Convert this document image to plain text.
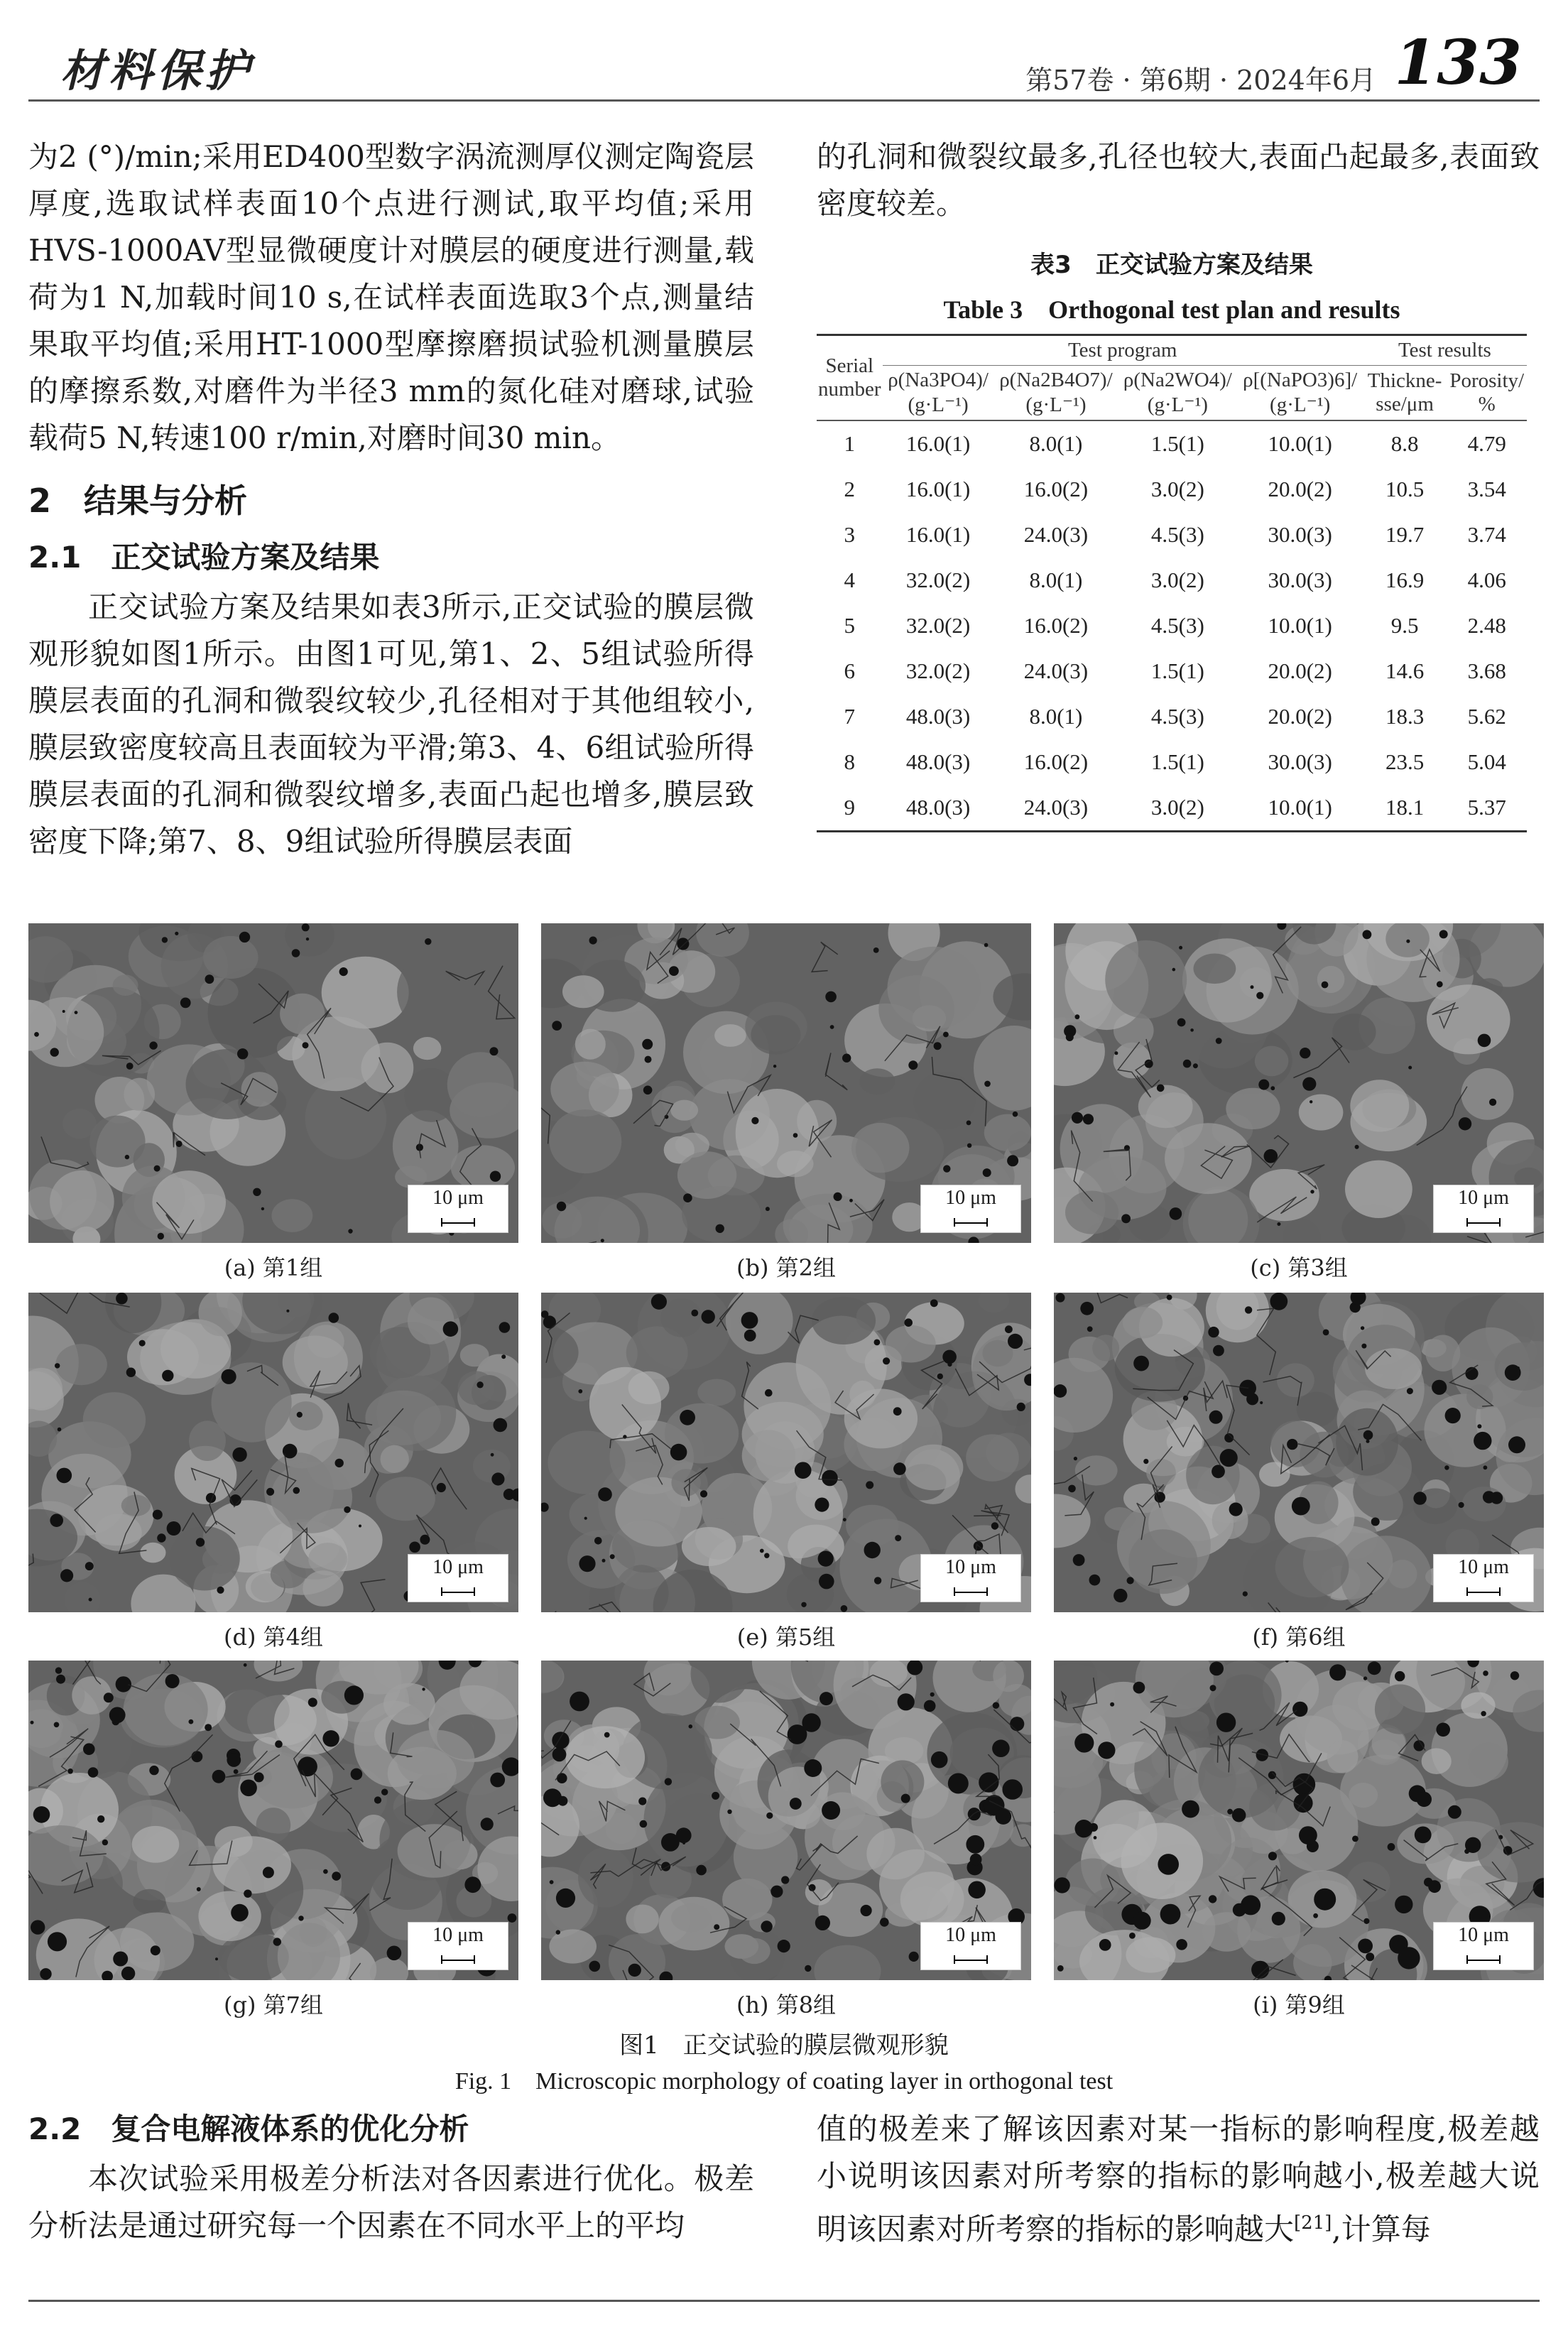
材料保护	第57卷 · 第6期 · 2024年6月 133

为2 (°)/min;采用ED400型数字涡流测厚仪测定陶瓷层厚度,选取试样表面10个点进行测试,取平均值;采用HVS-1000AV型显微硬度计对膜层的硬度进行测量,载荷为1 N,加载时间10 s,在试样表面选取3个点,测量结果取平均值;采用HT-1000型摩擦磨损试验机测量膜层的摩擦系数,对磨件为半径3 mm的氮化硅对磨球,试验载荷5 N,转速100 r/min,对磨时间30 min。

2　结果与分析
2.1　正交试验方案及结果

正交试验方案及结果如表3所示,正交试验的膜层微观形貌如图1所示。由图1可见,第1、2、5组试验所得膜层表面的孔洞和微裂纹较少,孔径相对于其他组较小,膜层致密度较高且表面较为平滑;第3、4、6组试验所得膜层表面的孔洞和微裂纹增多,表面凸起也增多,膜层致密度下降;第7、8、9组试验所得膜层表面

的孔洞和微裂纹最多,孔径也较大,表面凸起最多,表面致密度较差。

表3　正交试验方案及结果
Table 3　Orthogonal test plan and results
Serial number	Test program				Test results	
	ρ(Na3PO4)/ (g·L⁻¹)	ρ(Na2B4O7)/ (g·L⁻¹)	ρ(Na2WO4)/ (g·L⁻¹)	ρ[(NaPO3)6]/ (g·L⁻¹)	Thickne-sse/μm	Porosity/ %
1	16.0(1)	8.0(1)	1.5(1)	10.0(1)	8.8	4.79
2	16.0(1)	16.0(2)	3.0(2)	20.0(2)	10.5	3.54
3	16.0(1)	24.0(3)	4.5(3)	30.0(3)	19.7	3.74
4	32.0(2)	8.0(1)	3.0(2)	30.0(3)	16.9	4.06
5	32.0(2)	16.0(2)	4.5(3)	10.0(1)	9.5	2.48
6	32.0(2)	24.0(3)	1.5(1)	20.0(2)	14.6	3.68
7	48.0(3)	8.0(1)	4.5(3)	20.0(2)	18.3	5.62
8	48.0(3)	16.0(2)	1.5(1)	30.0(3)	23.5	5.04
9	48.0(3)	24.0(3)	3.0(2)	10.0(1)	18.1	5.37
10 μm
(a) 第1组
10 μm
(b) 第2组
10 μm
(c) 第3组
10 μm
(d) 第4组
10 μm
(e) 第5组
10 μm
(f) 第6组
10 μm
(g) 第7组
10 μm
(h) 第8组
10 μm
(i) 第9组
图1　正交试验的膜层微观形貌
Fig. 1　Microscopic morphology of coating layer in orthogonal test
2.2　复合电解液体系的优化分析

本次试验采用极差分析法对各因素进行优化。极差分析法是通过研究每一个因素在不同水平上的平均

值的极差来了解该因素对某一指标的影响程度,极差越小说明该因素对所考察的指标的影响越小,极差越大说明该因素对所考察的指标的影响越大[21],计算每
